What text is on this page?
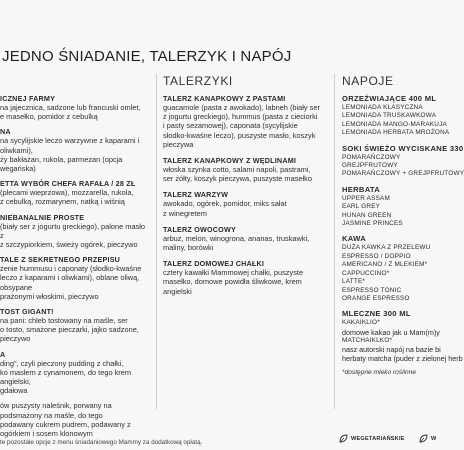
JEDNO ŚNIADANIE, TALERZYK I NAPÓJ

ICZNEJ FARMY
na jajecznica, sadzone lub francuski omlet,
e masełko, pomidor z cebulką
NA
na sycylijskie leczo warzywne z kaparami i oliwkami),
ży bakłażan, rukola, parmezan (opcja wegańska)
ETTA WYBÓR CHEFA RAFAŁA / 28 ZŁ
(plecami wieprzowa), mozzarella, rukola,
z cebulką, rozmarynem, natką i wiśnią
NIEBANALNIE PROSTE
(biały ser z jogurtu greckiego), palone masło z
z szczypiorkiem, świeży ogórek, pieczywo
TALE Z SEKRETNEGO PRZEPISU
zenie hummusu i caponaty (słodko-kwaśne
leczo z kaparami i oliwkami), oblane oliwą, obsypane
prażonymi włoskimi, pieczywo
TOST GIGANT!
na pani: chleb tostowany na maśle, ser
o tosto, smażone pieczarki, jajko sadzone,
pieczywo
A
ding", czyli pieczony pudding z chałki,
ko masłem z cynamonem, do tego krem angielski,
gdałowa
ów puszysty naleśnik, porwany na
podsmażony na maśle, do tego
podawany cukrem pudrem, podawany z
ogórkiem i sosem klonowym
TALERZYKI
TALERZ KANAPKOWY Z PASTAMI
guacamole (pasta z awokado), labneh (biały ser
z jogurtu greckiego), hummus (pasta z cieciorki
i pasty sezamowej), caponata (sycylijskie
słodko-kwaśne leczo), puszyste masło, koszyk
pieczywa
TALERZ KANAPKOWY Z WĘDLINAMI
włoska szynka cotto, salami napoli, pastrami,
ser żółty, koszyk pieczywa, puszyste masełko
TALERZ WARZYW
awokado, ogórek, pomidor, miks sałat
z winegretem
TALERZ OWOCOWY
arbuz, melon, winogrona, ananas, truskawki,
maliny, borówki
TALERZ DOMOWEJ CHAŁKI
cztery kawałki Mammowej chałki, puszyste
masełko, domowe powidła śliwkowe, krem
angielski
NAPOJE
ORZEŹWIAJĄCE 400 ML
LEMONIADA KLASYCZNA
LEMONIADA TRUSKAWKOWA
LEMONIADA MANGO-MARAKUJA
LEMONIADA HERBATA MROŻONA
SOKI ŚWIEŻO WYCISKANE 330
POMARAŃCZOWY
GREJPFRUTOWY
POMARAŃCZOWY + GREJPFRUTOWY
HERBATA
UPPER ASSAM
EARL GREY
HUNAN GREEN
JASMINE PRINCES
KAWA
DUŻA KAWKA Z PRZELEWU
ESPRESSO / DOPPIO
AMERICANO / Z MLEKIEM*
CAPPUCCINO*
LATTE*
ESPRESSO TONIC
ORANGE ESPRESSO
MLECZNE 300 ML
KAKAIKLIO*
domowe kakao jak u Mam(m)y
MATCHAIKLKO*
nasz autorski napój na bazie bi
herbaty matcha (puder z zielonej herb
*dostępne mleko roślinne
te pozostałe opcje z menu śniadaniowego Mammy za dodatkową opłatą.	WEGETARIAŃSKIE	W
